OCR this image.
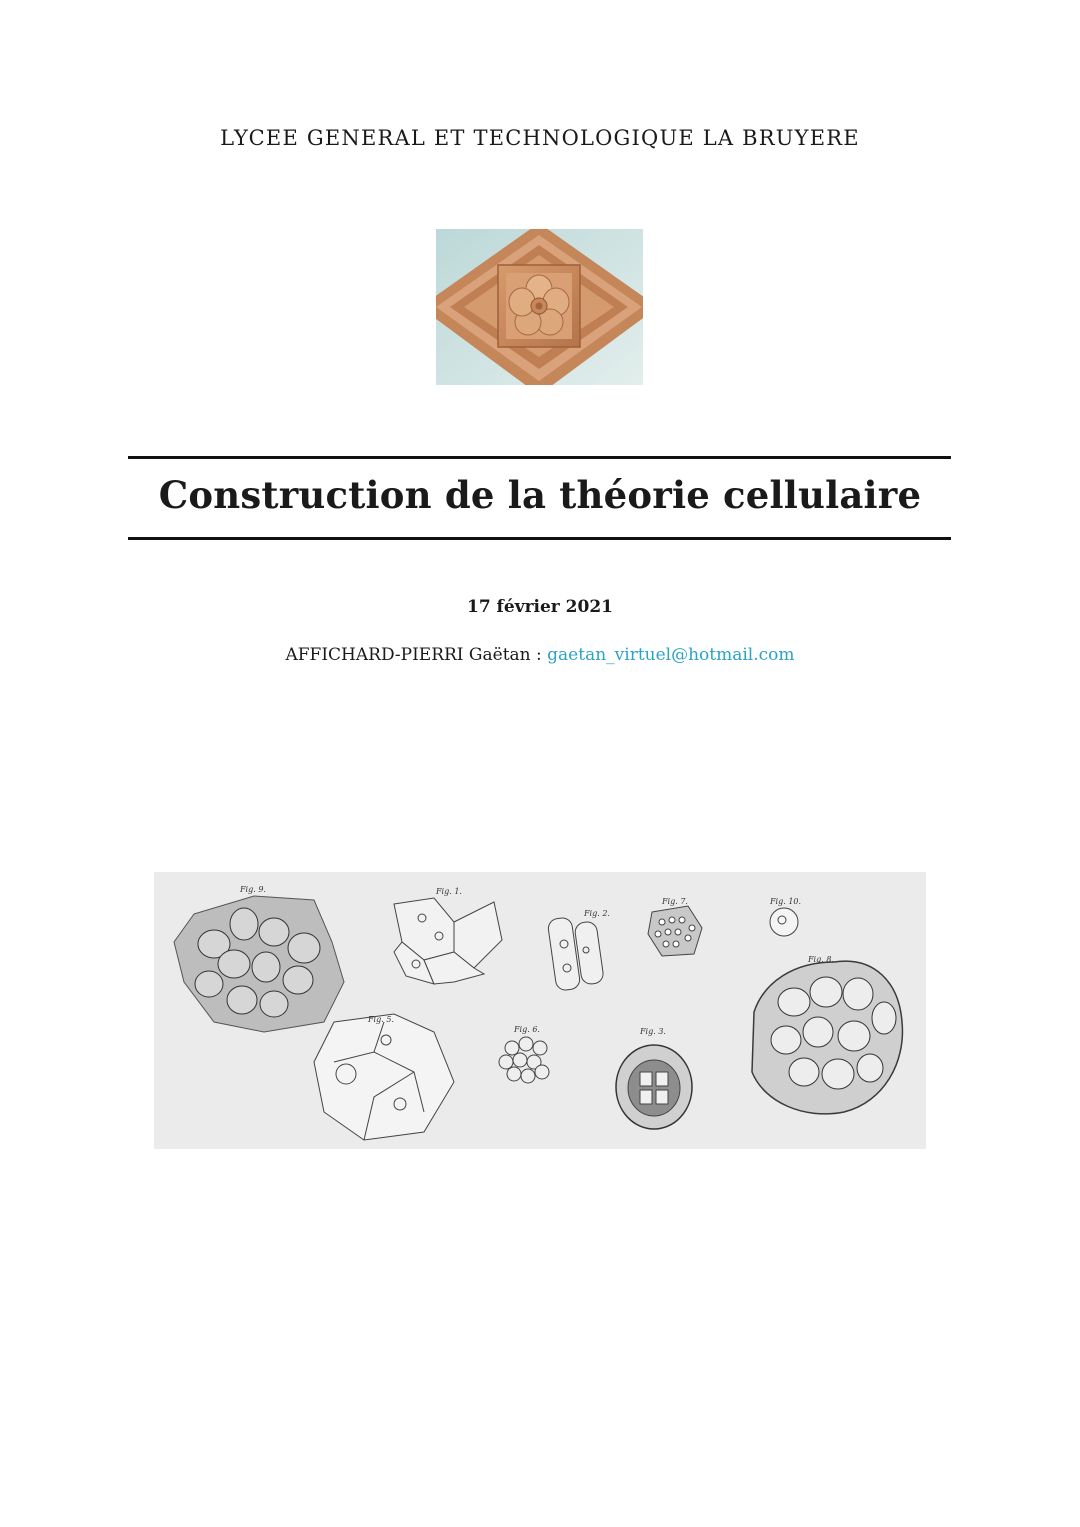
LYCEE GENERAL ET TECHNOLOGIQUE LA BRUYERE
Construction de la théorie cellulaire
17 février 2021
AFFICHARD-PIERRI Gaëtan : gaetan_virtuel@hotmail.com
Fig. 9.	Fig. 1.
Fig. 2.
Fig. 7.	Fig. 10.
Fig. 8.
Fig. 5.
Fig. 6.	Fig. 3.
